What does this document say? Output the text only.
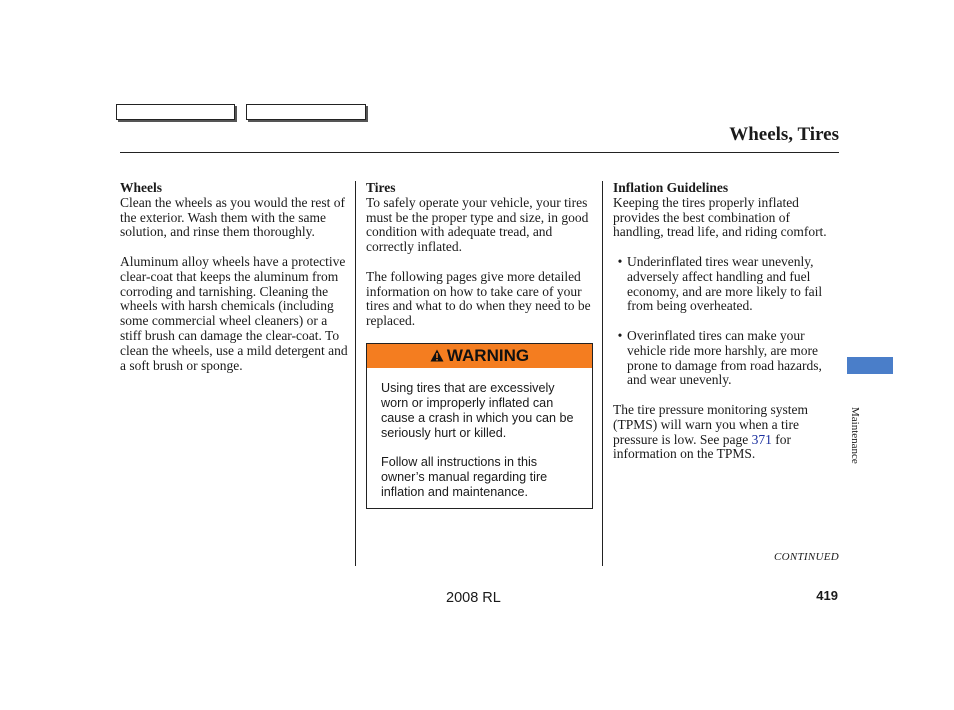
Wheels, Tires

Wheels

Clean the wheels as you would the rest of the exterior. Wash them with the same solution, and rinse them thoroughly.

Aluminum alloy wheels have a protective clear-coat that keeps the aluminum from corroding and tarnishing. Cleaning the wheels with harsh chemicals (including some commercial wheel cleaners) or a stiff brush can damage the clear-coat. To clean the wheels, use a mild detergent and a soft brush or sponge.

Tires

To safely operate your vehicle, your tires must be the proper type and size, in good condition with adequate tread, and correctly inflated.

The following pages give more detailed information on how to take care of your tires and what to do when they need to be replaced.

WARNING

Using tires that are excessively worn or improperly inflated can cause a crash in which you can be seriously hurt or killed.

Follow all instructions in this owner’s manual regarding tire inflation and maintenance.

Inflation Guidelines

Keeping the tires properly inflated provides the best combination of handling, tread life, and riding comfort.

• Underinflated tires wear unevenly, adversely affect handling and fuel economy, and are more likely to fail from being overheated.
• Overinflated tires can make your vehicle ride more harshly, are more prone to damage from road hazards, and wear unevenly.

The tire pressure monitoring system (TPMS) will warn you when a tire pressure is low. See page 371 for information on the TPMS.

CONTINUED
2008 RL	419
Maintenance
